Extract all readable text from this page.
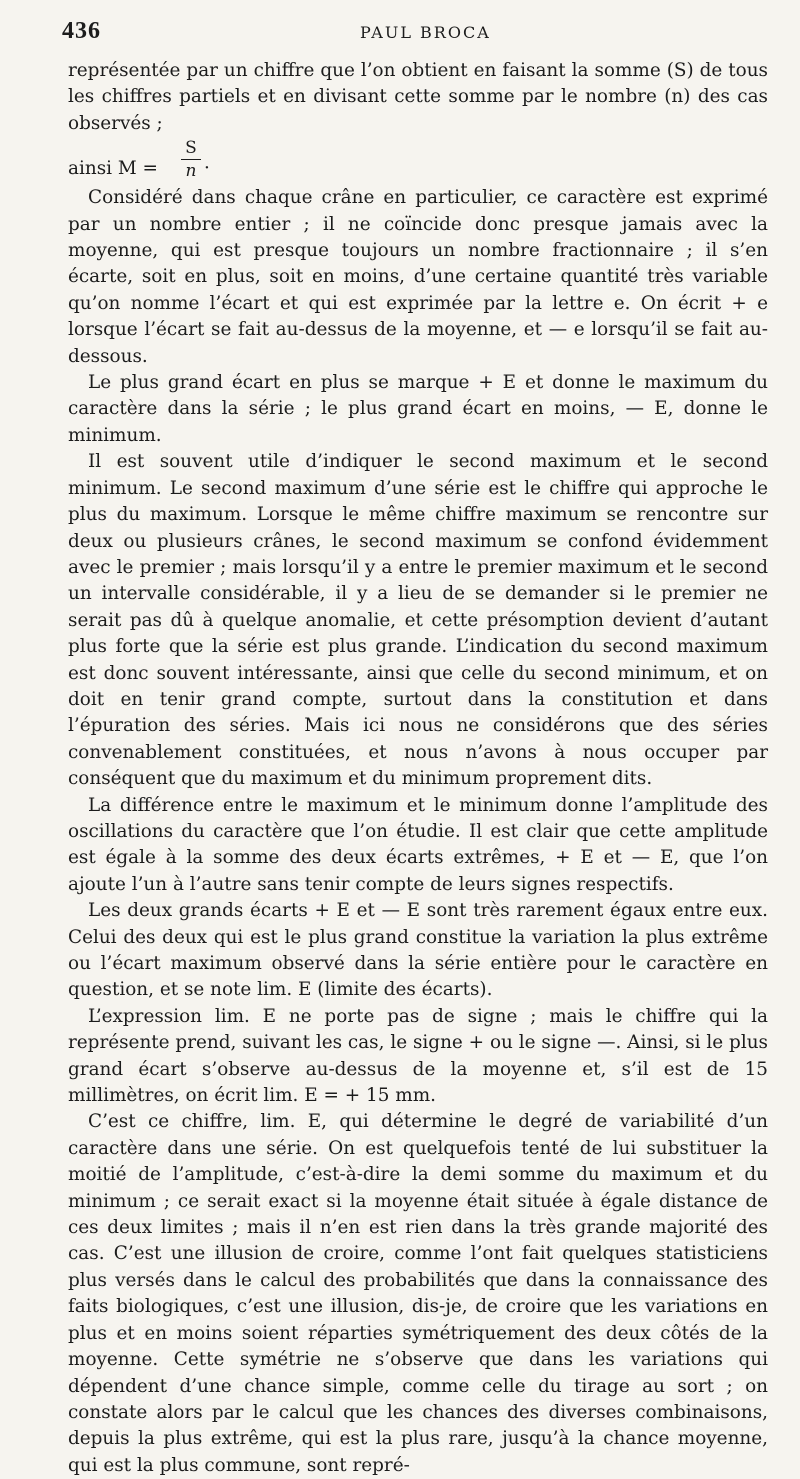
436	PAUL BROCA

représentée par un chiffre que l’on obtient en faisant la somme (S) de tous les chiffres partiels et en divisant cette somme par le nombre (n) des cas observés ;

ainsi $M = \frac{S}{n}$ ·

Considéré dans chaque crâne en particulier, ce caractère est exprimé par un nombre entier ; il ne coïncide donc presque jamais avec la moyenne, qui est presque toujours un nombre fractionnaire ; il s’en écarte, soit en plus, soit en moins, d’une certaine quantité très variable qu’on nomme l’écart et qui est exprimée par la lettre e. On écrit + e lorsque l’écart se fait au-dessus de la moyenne, et — e lorsqu’il se fait au-dessous.

Le plus grand écart en plus se marque + E et donne le maximum du caractère dans la série ; le plus grand écart en moins, — E, donne le minimum.

Il est souvent utile d’indiquer le second maximum et le second minimum. Le second maximum d’une série est le chiffre qui approche le plus du maximum. Lorsque le même chiffre maximum se rencontre sur deux ou plusieurs crânes, le second maximum se confond évidemment avec le premier ; mais lorsqu’il y a entre le premier maximum et le second un intervalle considérable, il y a lieu de se demander si le premier ne serait pas dû à quelque anomalie, et cette présomption devient d’autant plus forte que la série est plus grande. L’indication du second maximum est donc souvent intéressante, ainsi que celle du second minimum, et on doit en tenir grand compte, surtout dans la constitution et dans l’épuration des séries. Mais ici nous ne considérons que des séries convenablement constituées, et nous n’avons à nous occuper par conséquent que du maximum et du minimum proprement dits.

La différence entre le maximum et le minimum donne l’amplitude des oscillations du caractère que l’on étudie. Il est clair que cette amplitude est égale à la somme des deux écarts extrêmes, + E et — E, que l’on ajoute l’un à l’autre sans tenir compte de leurs signes respectifs.

Les deux grands écarts + E et — E sont très rarement égaux entre eux. Celui des deux qui est le plus grand constitue la variation la plus extrême ou l’écart maximum observé dans la série entière pour le caractère en question, et se note lim. E (limite des écarts).

L’expression lim. E ne porte pas de signe ; mais le chiffre qui la représente prend, suivant les cas, le signe + ou le signe —. Ainsi, si le plus grand écart s’observe au-dessus de la moyenne et, s’il est de 15 millimètres, on écrit lim. E = + 15 mm.

C’est ce chiffre, lim. E, qui détermine le degré de variabilité d’un caractère dans une série. On est quelquefois tenté de lui substituer la moitié de l’amplitude, c’est-à-dire la demi somme du maximum et du minimum ; ce serait exact si la moyenne était située à égale distance de ces deux limites ; mais il n’en est rien dans la très grande majorité des cas. C’est une illusion de croire, comme l’ont fait quelques statisticiens plus versés dans le calcul des probabilités que dans la connaissance des faits biologiques, c’est une illusion, dis-je, de croire que les variations en plus et en moins soient réparties symétriquement des deux côtés de la moyenne. Cette symétrie ne s’observe que dans les variations qui dépendent d’une chance simple, comme celle du tirage au sort ; on constate alors par le calcul que les chances des diverses combinaisons, depuis la plus extrême, qui est la plus rare, jusqu’à la chance moyenne, qui est la plus commune, sont repré-
